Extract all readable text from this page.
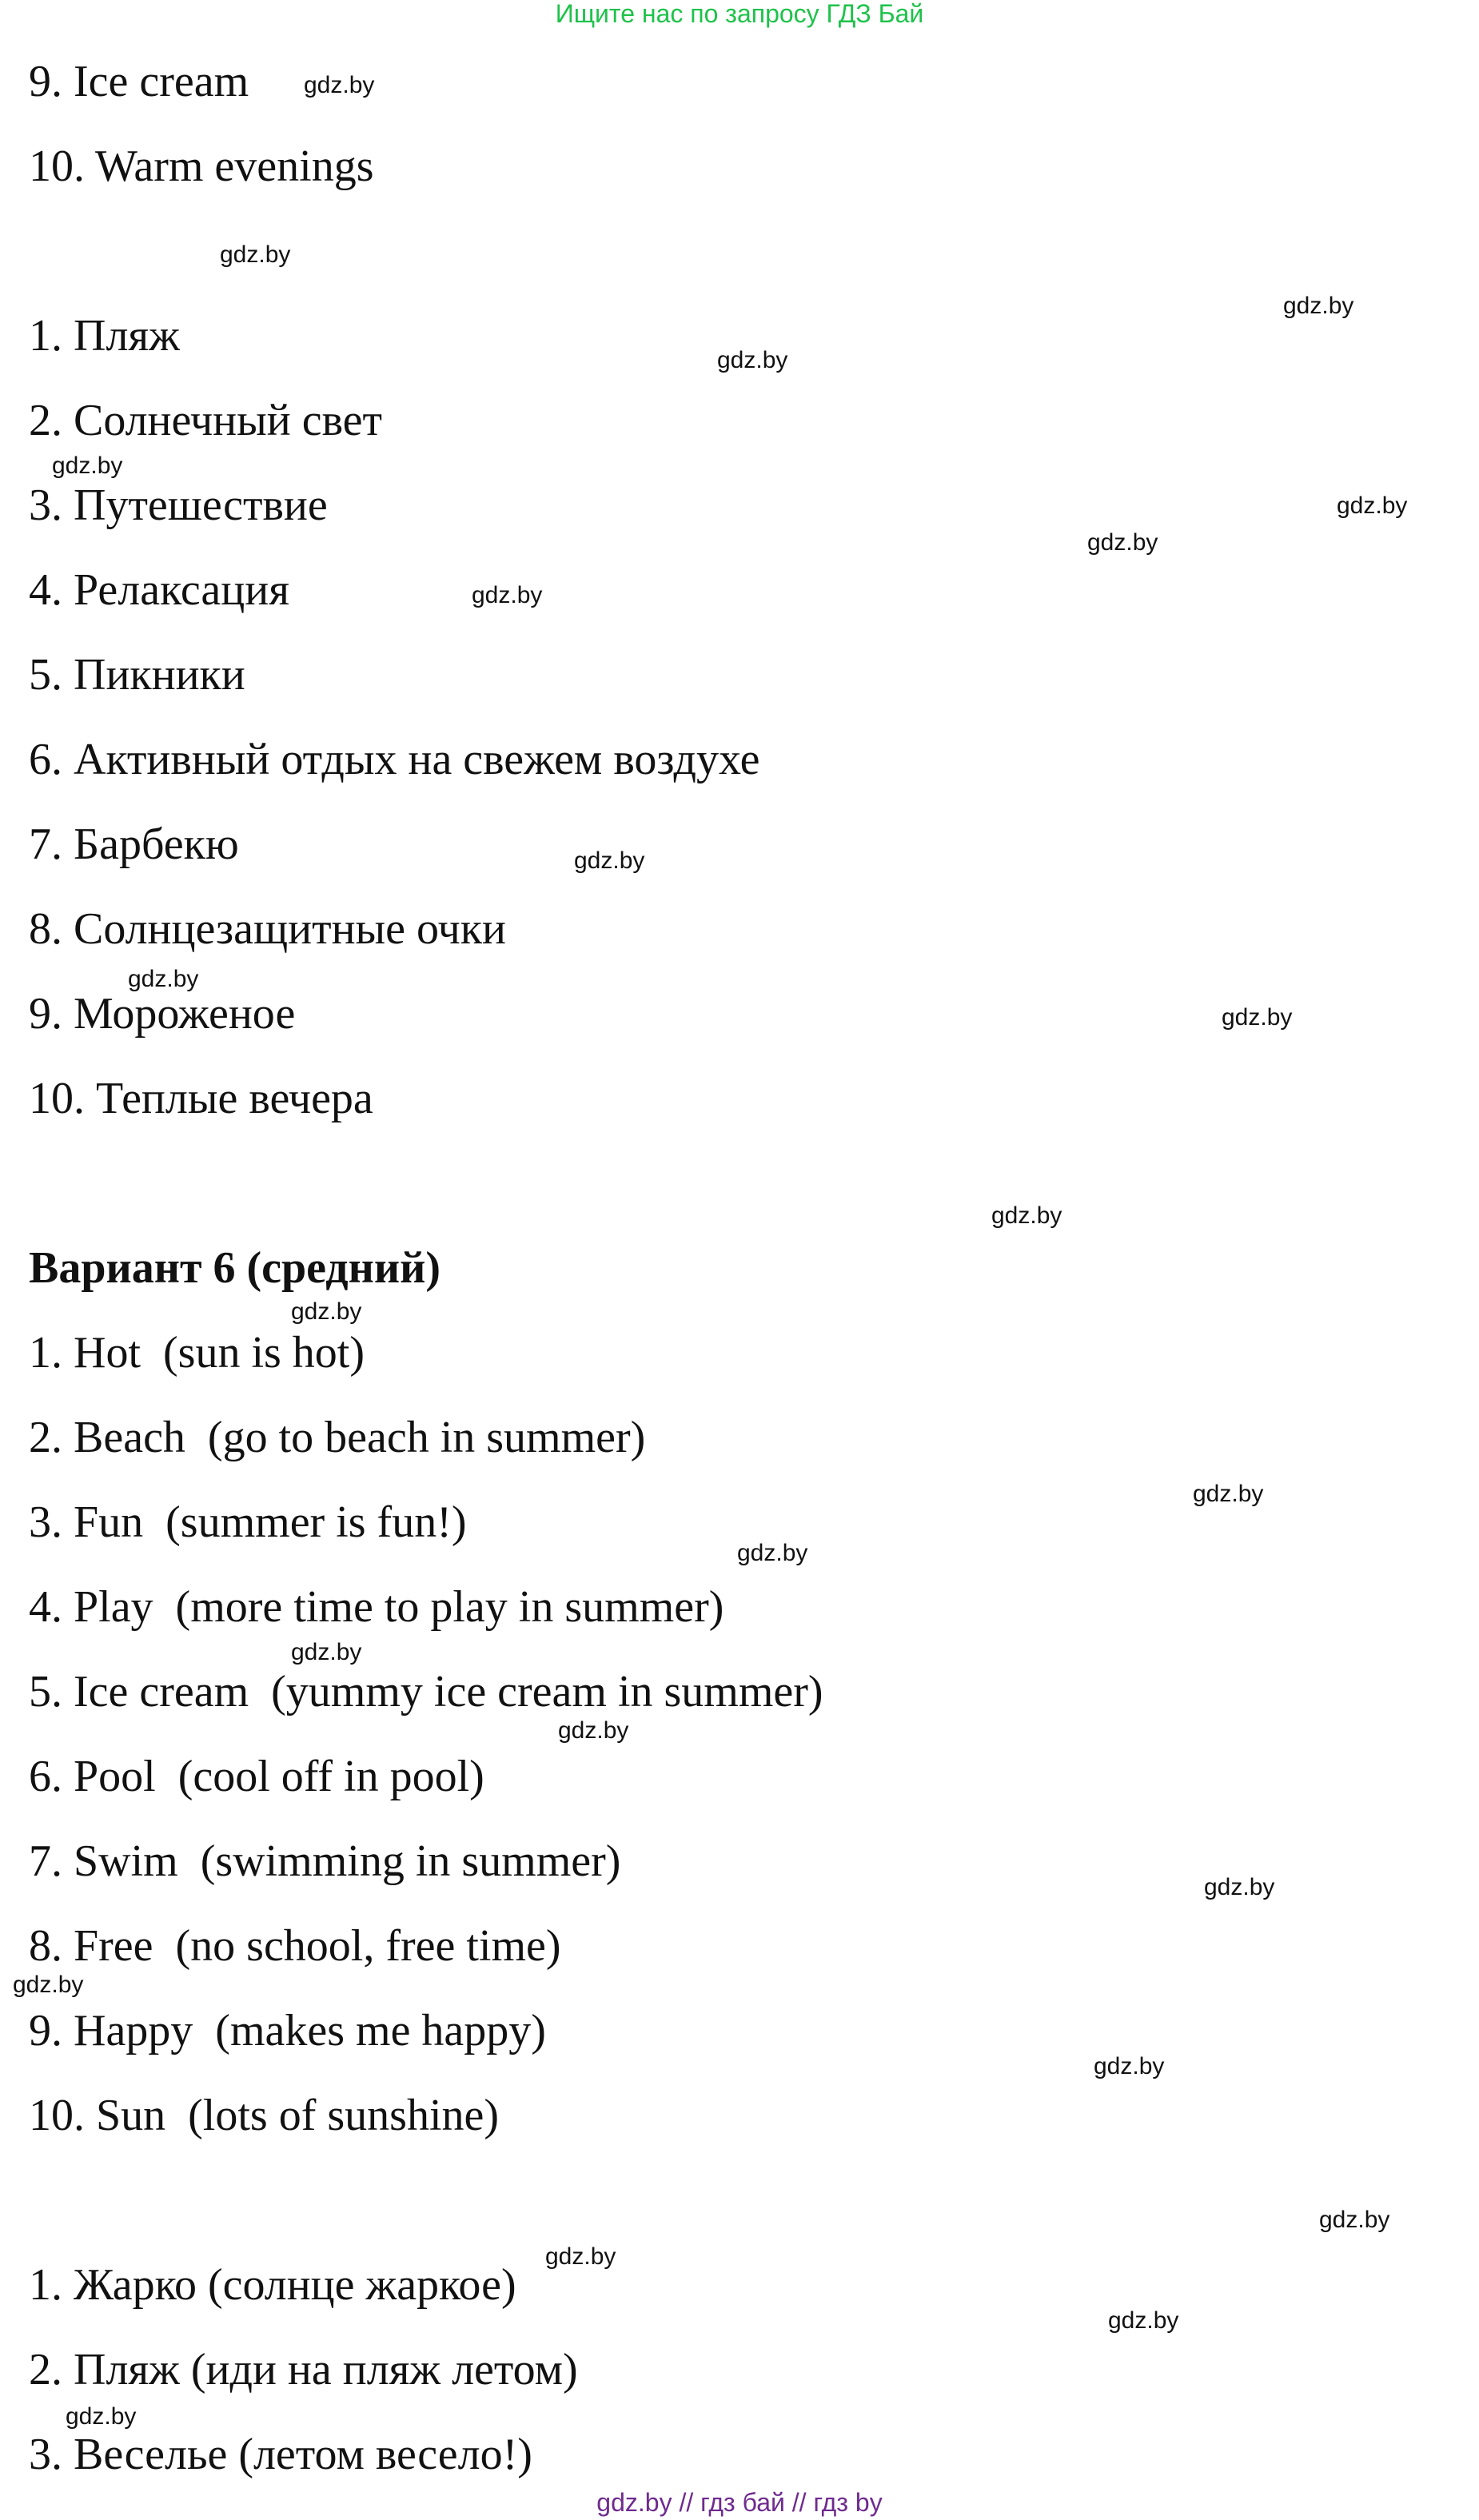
Ищите нас по запросу ГДЗ Бай
9. Ice cream
10. Warm evenings
1. Пляж
2. Солнечный свет
3. Путешествие
4. Релаксация
5. Пикники
6. Активный отдых на свежем воздухе
7. Барбекю
8. Солнцезащитные очки
9. Мороженое
10. Теплые вечера
Вариант 6 (средний)
1. Hot  (sun is hot)
2. Beach  (go to beach in summer)
3. Fun  (summer is fun!)
4. Play  (more time to play in summer)
5. Ice cream  (yummy ice cream in summer)
6. Pool  (cool off in pool)
7. Swim  (swimming in summer)
8. Free  (no school, free time)
9. Happy  (makes me happy)
10. Sun  (lots of sunshine)
1. Жарко (солнце жаркое)
2. Пляж (иди на пляж летом)
3. Веселье (летом весело!)
gdz.by
gdz.by
gdz.by
gdz.by
gdz.by
gdz.by
gdz.by
gdz.by
gdz.by
gdz.by
gdz.by
gdz.by
gdz.by
gdz.by
gdz.by
gdz.by
gdz.by
gdz.by
gdz.by
gdz.by
gdz.by
gdz.by
gdz.by
gdz.by
gdz.by // гдз бай // гдз by
